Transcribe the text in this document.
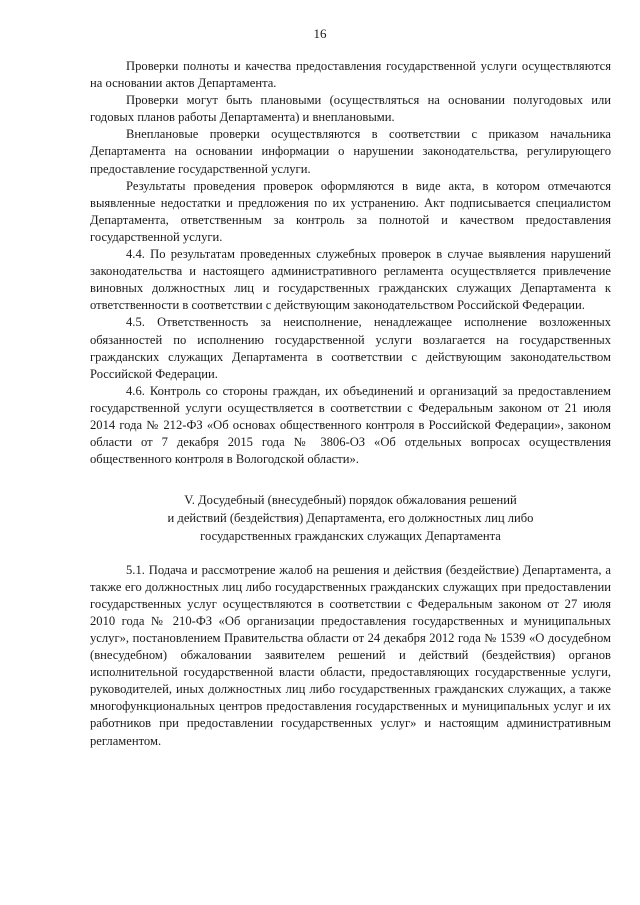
16

Проверки полноты и качества предоставления государственной услуги осуществляются на основании актов Департамента.

Проверки могут быть плановыми (осуществляться на основании полугодовых или годовых планов работы Департамента) и внеплановыми.

Внеплановые проверки осуществляются в соответствии с приказом начальника Департамента на основании информации о нарушении законодательства, регулирующего предоставление государственной услуги.

Результаты проведения проверок оформляются в виде акта, в котором отмечаются выявленные недостатки и предложения по их устранению. Акт подписывается специалистом Департамента, ответственным за контроль за полнотой и качеством предоставления государственной услуги.

4.4. По результатам проведенных служебных проверок в случае выявления нарушений законодательства и настоящего административного регламента осуществляется привлечение виновных должностных лиц и государственных гражданских служащих Департамента к ответственности в соответствии с действующим законодательством Российской Федерации.

4.5. Ответственность за неисполнение, ненадлежащее исполнение возложенных обязанностей по исполнению государственной услуги возлагается на государственных гражданских служащих Департамента в соответствии с действующим законодательством Российской Федерации.

4.6. Контроль со стороны граждан, их объединений и организаций за предоставлением государственной услуги осуществляется в соответствии с Федеральным законом от 21 июля 2014 года № 212-ФЗ «Об основах общественного контроля в Российской Федерации», законом области от 7 декабря 2015 года № 3806-ОЗ «Об отдельных вопросах осуществления общественного контроля в Вологодской области».

V. Досудебный (внесудебный) порядок обжалования решений
и действий (бездействия) Департамента, его должностных лиц либо
государственных гражданских служащих Департамента

5.1. Подача и рассмотрение жалоб на решения и действия (бездействие) Департамента, а также его должностных лиц либо государственных гражданских служащих при предоставлении государственных услуг осуществляются в соответствии с Федеральным законом от 27 июля 2010 года № 210-ФЗ «Об организации предоставления государственных и муниципальных услуг», постановлением Правительства области от 24 декабря 2012 года № 1539 «О досудебном (внесудебном) обжаловании заявителем решений и действий (бездействия) органов исполнительной государственной власти области, предоставляющих государственные услуги, руководителей, иных должностных лиц либо государственных гражданских служащих, а также многофункциональных центров предоставления государственных и муниципальных услуг и их работников при предоставлении государственных услуг» и настоящим административным регламентом.
